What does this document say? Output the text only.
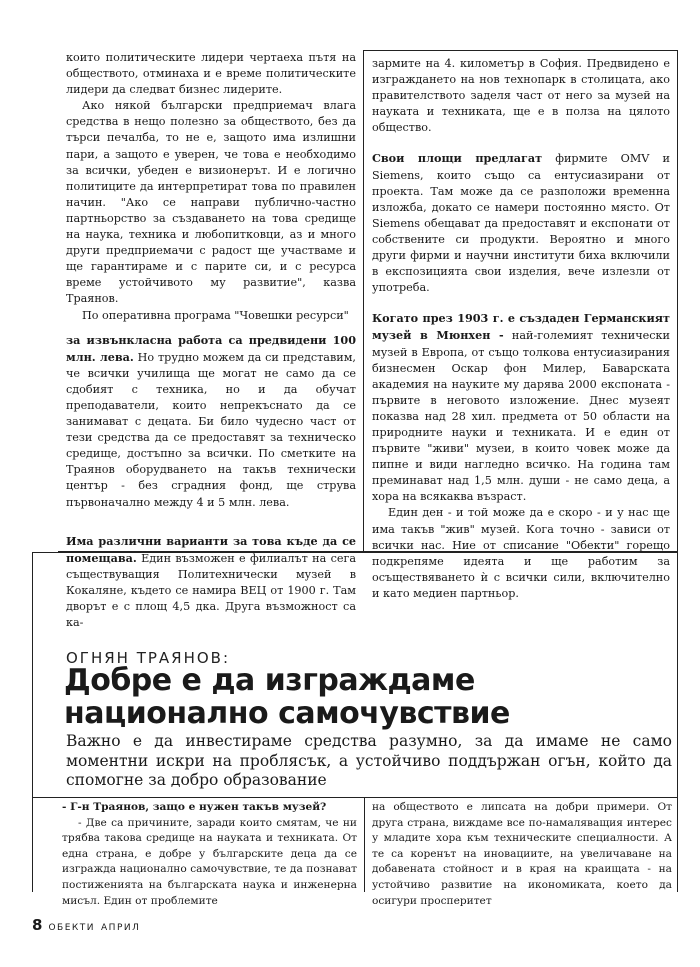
които политическите лидери чертаеха пътя на обществото, отминаха и е време политическите лидери да следват бизнес лидерите.

Ако някой български предприемач влага средства в нещо полезно за обществото, без да търси печалба, то не е, защото има излишни пари, а защото е уверен, че това е необходимо за всички, убеден е визионерът. И е логично политиците да интерпретират това по правилен начин. "Ако се направи публично-частно партньорство за създаването на това средище на наука, техника и любопитковци, аз и много други предприемачи с радост ще участваме и ще гарантираме и с парите си, и с ресурса време устойчивото му развитие", казва Траянов.

По оперативна програма "Човешки ресурси"

за извънкласна работа са предвидени 100 млн. лева. Но трудно можем да си представим, че всички училища ще могат не само да се сдобият с техника, но и да обучат преподаватели, които непрекъснато да се занимават с децата. Би било чудесно част от тези средства да се предоставят за техническо средище, достъпно за всички. По сметките на Траянов оборудването на такъв технически център - без сградния фонд, ще струва първоначално между 4 и 5 млн. лева.

Има различни варианти за това къде да се помещава. Един възможен е филиалът на сега съществуващия Политехнически музей в Кокаляне, където се намира ВЕЦ от 1900 г. Там дворът е с площ 4,5 дка. Друга възможност са ка-

зармите на 4. километър в София. Предвидено е изграждането на нов технопарк в столицата, ако правителството заделя част от него за музей на науката и техниката, ще е в полза на цялото общество.

Свои площи предлагат фирмите OMV и Siemens, които също са ентусиазирани от проекта. Там може да се разположи временна изложба, докато се намери постоянно място. От Siemens обещават да предоставят и експонати от собствените си продукти. Вероятно и много други фирми и научни институти биха включили в експозицията свои изделия, вече излезли от употреба.

Когато през 1903 г. е създаден Германският музей в Мюнхен - най-големият технически музей в Европа, от също толкова ентусиазирания бизнесмен Оскар фон Милер, Баварската академия на науките му дарява 2000 експоната - първите в неговото изложение. Днес музеят показва над 28 хил. предмета от 50 области на природните науки и техниката. И е един от първите "живи" музеи, в които човек може да пипне и види нагледно всичко. На година там преминават над 1,5 млн. души - не само деца, а хора на всякаква възраст.

Един ден - и той може да е скоро - и у нас ще има такъв "жив" музей. Кога точно - зависи от всички нас. Ние от списание "Обекти" горещо подкрепяме идеята и ще работим за осъществяването ѝ с всички сили, включително и като медиен партньор.

ОГНЯН ТРАЯНОВ:
Добре е да изграждаме
национално самочувствие
Важно е да инвестираме средства разумно, за да имаме не само моментни искри на проблясък, а устойчиво поддържан огън, който да спомогне за добро образование

- Г-н Траянов, защо е нужен такъв музей?

- Две са причините, заради които смятам, че ни трябва такова средище на науката и техниката. От една страна, е добре у българските деца да се изгражда национално самочувствие, те да познават постиженията на българската наука и инженерна мисъл. Един от проблемите

на обществото е липсата на добри примери. От друга страна, виждаме все по-намаляващия интерес у младите хора към техническите специалности. А те са коренът на иновациите, на увеличаване на добавената стойност и в края на краищата - на устойчиво развитие на икономиката, което да осигури просперитет

8 ОБЕКТИ АПРИЛ
